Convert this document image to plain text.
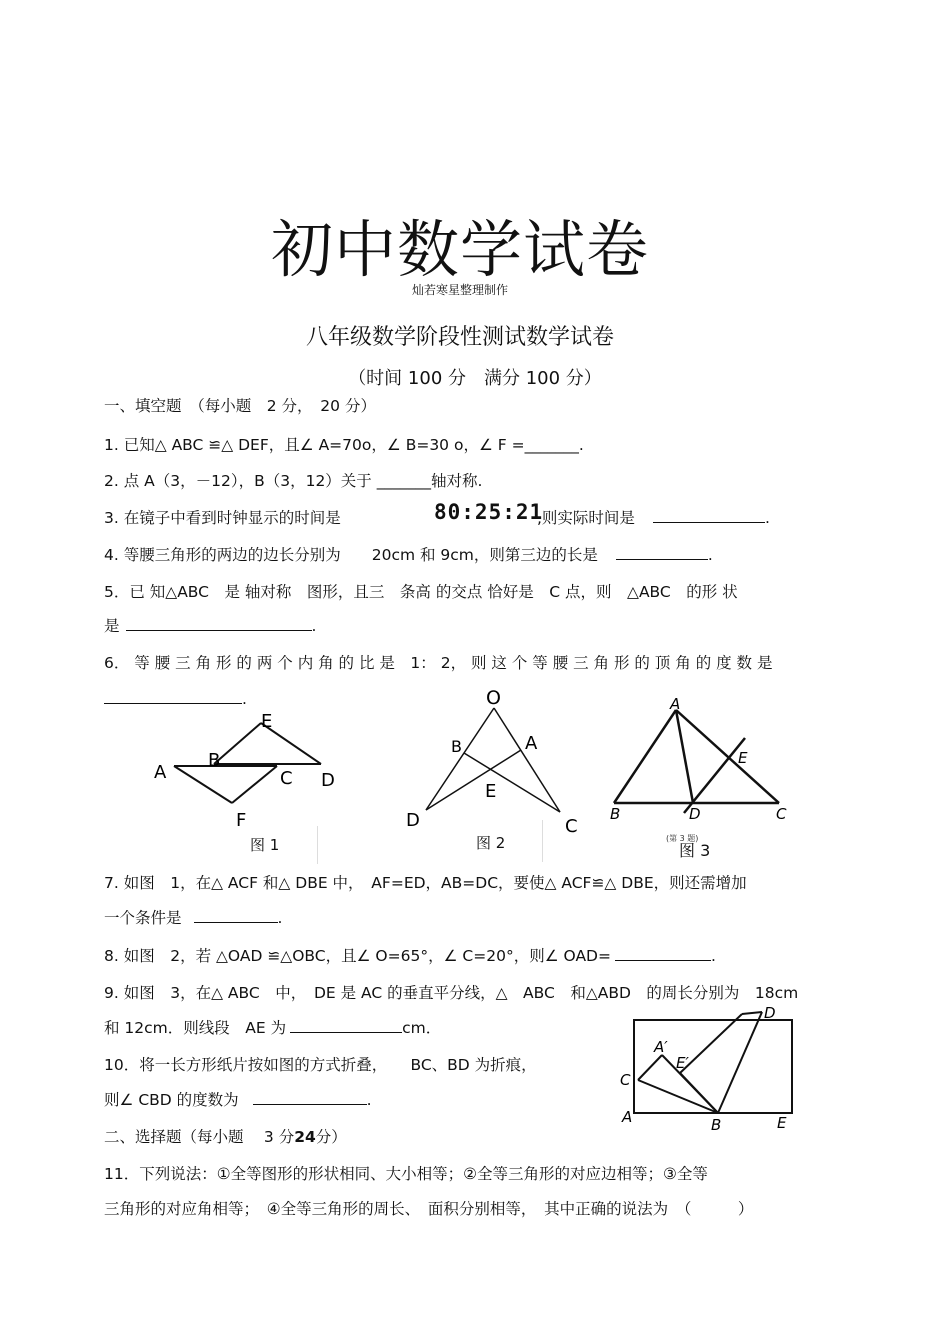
初中数学试卷
灿若寒星整理制作
八年级数学阶段性测试数学试卷
（时间 100 分　满分 100 分）
一、填空题　（每小题　2 分，　20 分）
1. 已知△ ABC ≌△ DEF，且∠ A=70o，∠ B=30 o，∠ F =_______.
2. 点 A（3，－12），B（3，12）关于 _______轴对称.
3. 在镜子中看到时钟显示的时间是	80:25:21
,则实际时间是	.
4. 等腰三角形的两边的边长分别为　　20cm 和 9cm，则第三边的长是	.
5．已 知△ABC　是 轴对称　图形，且三　条高 的交点 恰好是　C 点，则　△ABC　的形 状
是	.
6． 等 腰 三 角 形 的 两 个 内 角 的 比 是　1： 2， 则 这 个 等 腰 三 角 形 的 顶 角 的 度 数 是
.
A
B
C D
E
F
图 1
O
A
B
C
D
E
图 2
A
B	C
D
E
(第 3 题)
图 3
7. 如图　1，在△ ACF 和△ DBE 中，　AF=ED，AB=DC，要使△ ACF≌△ DBE，则还需增加
一个条件是	.
8. 如图　2，若 △OAD ≌△OBC，且∠ O=65°，∠ C=20°，则∠ OAD=	.
9. 如图　3，在△ ABC　中，　DE 是 AC 的垂直平分线，△　ABC　和△ABD　的周长分别为　18cm
和 12cm．则线段　AE 为	cm．
10．将一长方形纸片按如图的方式折叠，　　BC、BD 为折痕，
则∠ CBD 的度数为	.
A
A′
B
C
D
E
E′
二、选择题（每小题　 3 分24分）
11．下列说法：①全等图形的形状相同、大小相等；②全等三角形的对应边相等；③全等
三角形的对应角相等；　④全等三角形的周长、　面积分别相等，　其中正确的说法为　（　　　）
